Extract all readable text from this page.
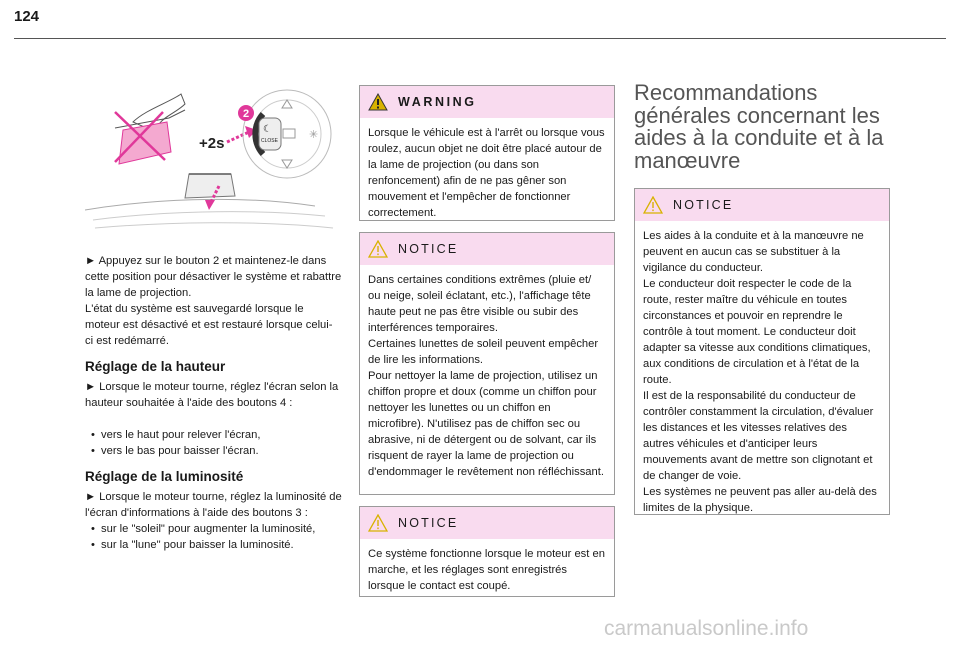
124
+2s
☾
CLOSE	✳
2

► Appuyez sur le bouton 2 et maintenez-le dans cette position pour désactiver le système et rabattre la lame de projection.

L'état du système est sauvegardé lorsque le moteur est désactivé et est restauré lorsque celui-ci est redémarré.

Réglage de la hauteur

► Lorsque le moteur tourne, réglez l'écran selon la hauteur souhaitée à l'aide des boutons 4 :

• vers le haut pour relever l'écran,
• vers le bas pour baisser l'écran.
Réglage de la luminosité

► Lorsque le moteur tourne, réglez la luminosité de l'écran d'informations à l'aide des boutons 3 :

• sur le "soleil" pour augmenter la luminosité,
• sur la "lune" pour baisser la luminosité.
WARNING

Lorsque le véhicule est à l'arrêt ou lorsque vous roulez, aucun objet ne doit être placé autour de la lame de projection (ou dans son renfoncement) afin de ne pas gêner son mouvement et l'empêcher de fonctionner correctement.

NOTICE

Dans certaines conditions extrêmes (pluie et/ ou neige, soleil éclatant, etc.), l'affichage tête haute peut ne pas être visible ou subir des interférences temporaires.

Certaines lunettes de soleil peuvent empêcher de lire les informations.

Pour nettoyer la lame de projection, utilisez un chiffon propre et doux (comme un chiffon pour nettoyer les lunettes ou un chiffon en microfibre). N'utilisez pas de chiffon sec ou abrasive, ni de détergent ou de solvant, car ils risquent de rayer la lame de projection ou d'endommager le revêtement non réfléchissant.

NOTICE

Ce système fonctionne lorsque le moteur est en marche, et les réglages sont enregistrés lorsque le contact est coupé.

Recommandations générales concernant les aides à la conduite et à la manœuvre
NOTICE

Les aides à la conduite et à la manœuvre ne peuvent en aucun cas se substituer à la vigilance du conducteur.

Le conducteur doit respecter le code de la route, rester maître du véhicule en toutes circonstances et pouvoir en reprendre le contrôle à tout moment. Le conducteur doit adapter sa vitesse aux conditions climatiques, aux conditions de circulation et à l'état de la route.

Il est de la responsabilité du conducteur de contrôler constamment la circulation, d'évaluer les distances et les vitesses relatives des autres véhicules et d'anticiper leurs mouvements avant de mettre son clignotant et de changer de voie.

Les systèmes ne peuvent pas aller au-delà des limites de la physique.

carmanualsonline.info
